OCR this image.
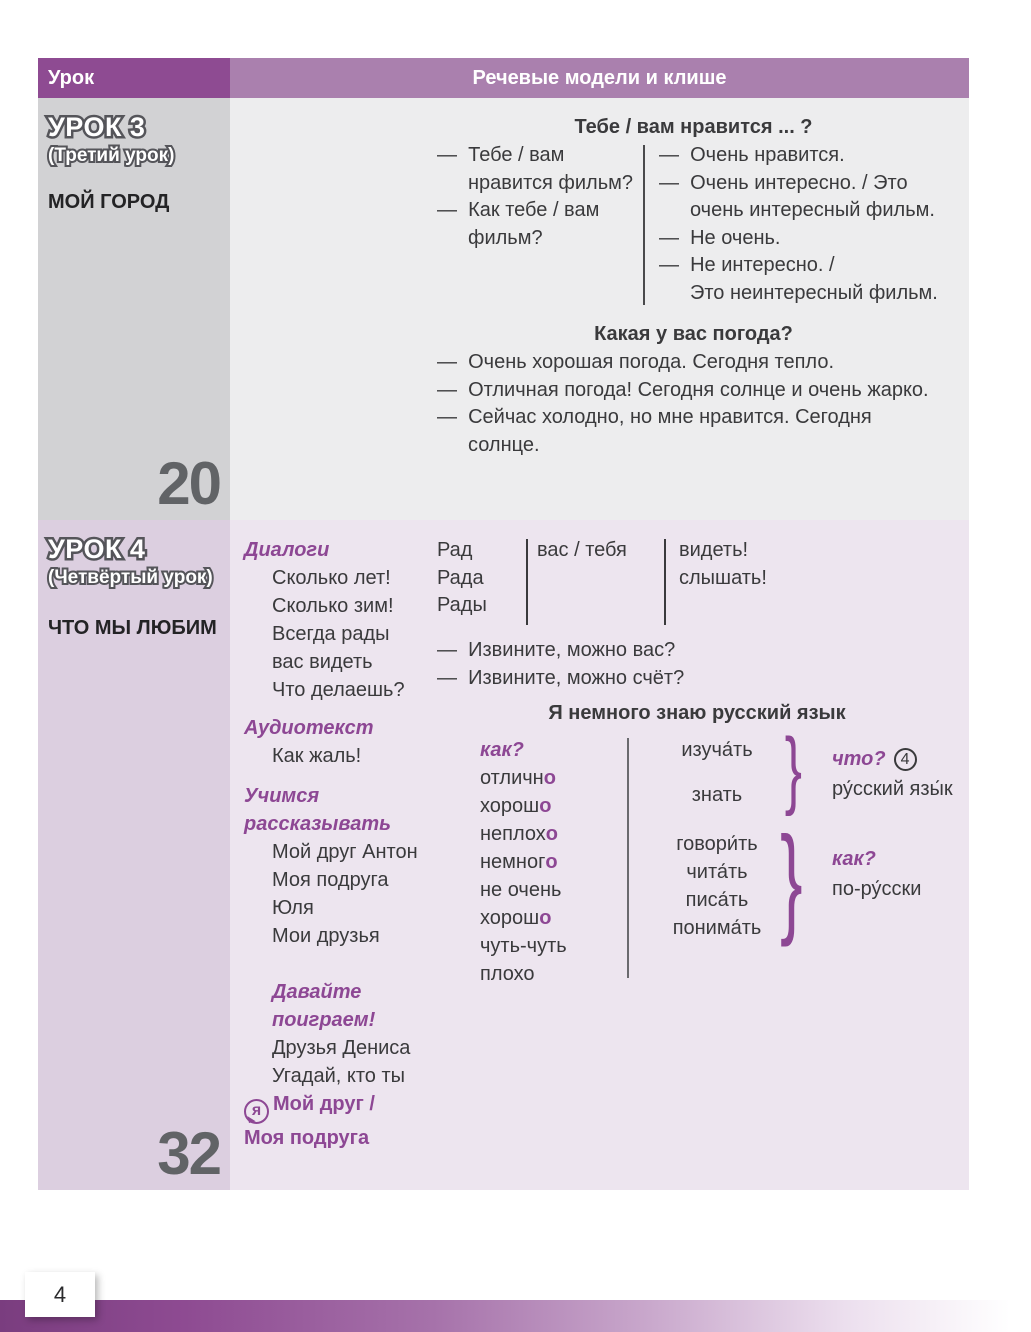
Урок	Речевые модели и клише
УРОК 3
(Третий урок)
МОЙ ГОРОД
20
Тебе / вам нравится ... ?
—  Тебе / вам
нравится фильм?
—  Как тебе / вам
фильм?
—  Очень нравится.
—  Очень интересно. / Это
очень интересный фильм.
—  Не очень.
—  Не интересно. /
Это неинтересный фильм.
Какая у вас погода?
—  Очень хорошая погода. Сегодня тепло.
—  Отличная погода! Сегодня солнце и очень жарко.
—  Сейчас холодно, но мне нравится. Сегодня
солнце.
УРОК 4
(Четвёртый урок)
ЧТО МЫ ЛЮБИМ
32
Диалоги
Сколько лет!
Сколько зим!
Всегда рады
вас видеть
Что делаешь?
Аудиотекст
Как жаль!
Учимся
рассказывать
Мой друг Антон
Моя подруга
Юля
Мои друзья
Давайте
поиграем!
Друзья Дениса
Угадай, кто ты
я Мой друг /
Моя подруга
Рад
Рада
Рады
вас / тебя	видеть!
слышать!
—  Извините, можно вас?
—  Извините, можно счёт?
Я немного знаю русский язык
как?
отлично
хорошо
неплохо
немного
не очень
хорошо
чуть-чуть
плохо
изуча́ть
знать
говори́ть
чита́ть
писа́ть
понима́ть
}
}
что? 4
ру́сский язы́к
как?
по-ру́сски
4
